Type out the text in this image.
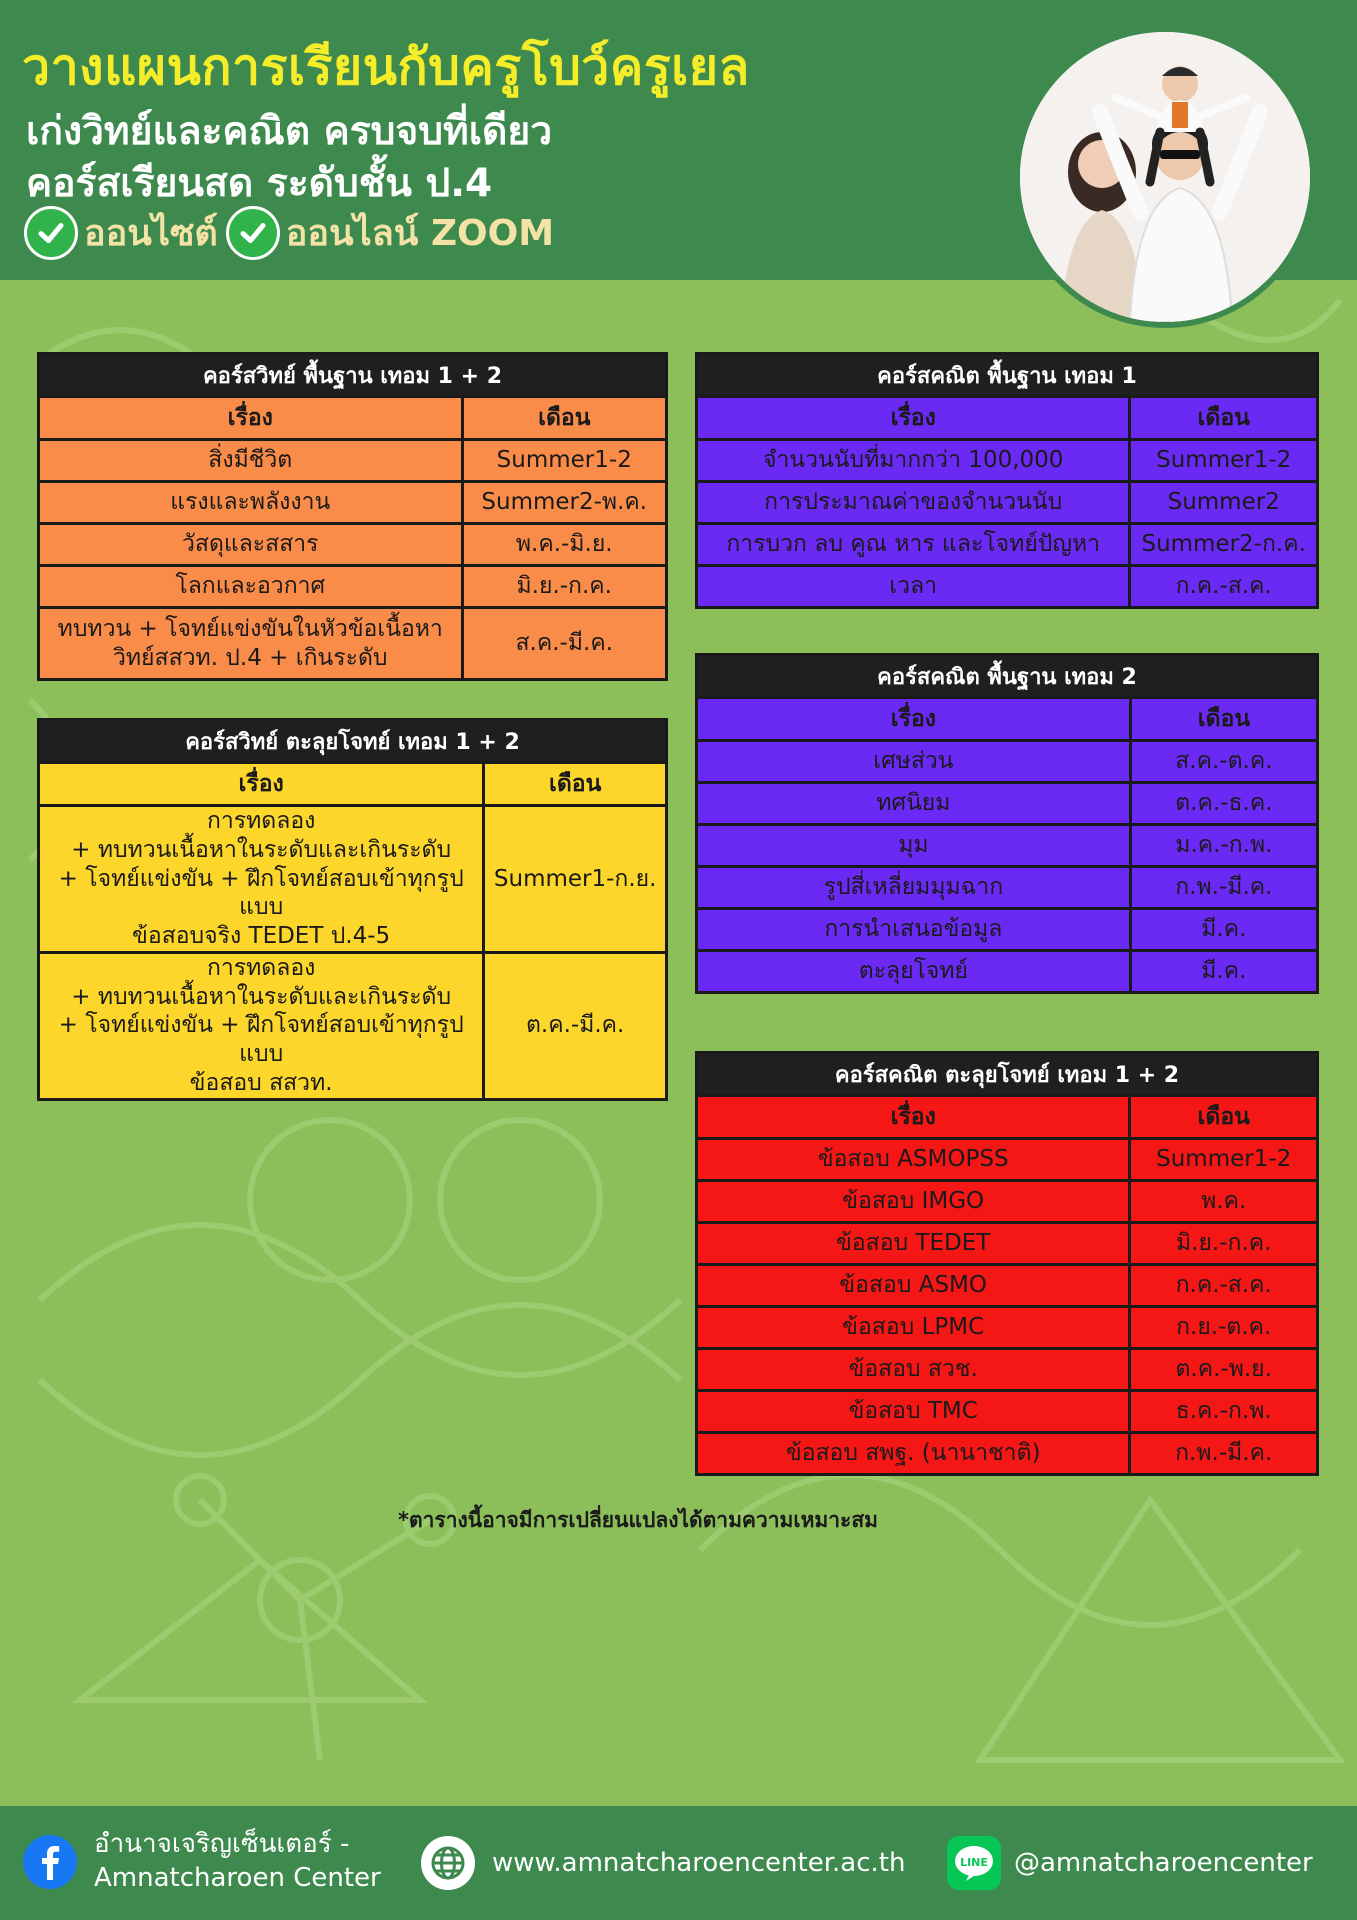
วางแผนการเรียนกับครูโบว์ครูเยล
เก่งวิทย์และคณิต ครบจบที่เดียว
คอร์สเรียนสด ระดับชั้น ป.4
ออนไซต์ ออนไลน์ ZOOM
คอร์สวิทย์ พื้นฐาน เทอม 1 + 2	
เรื่อง	เดือน
สิ่งมีชีวิต	Summer1-2
แรงและพลังงาน	Summer2-พ.ค.
วัสดุและสสาร	พ.ค.-มิ.ย.
โลกและอวกาศ	มิ.ย.-ก.ค.

ทบทวน + โจทย์แข่งขันในหัวข้อเนื้อหา
วิทย์สสวท. ป.4 + เกินระดับ	ส.ค.-มี.ค.
คอร์สวิทย์ ตะลุยโจทย์ เทอม 1 + 2	
เรื่อง	เดือน

การทดลอง
+ ทบทวนเนื้อหาในระดับและเกินระดับ
+ โจทย์แข่งขัน + ฝึกโจทย์สอบเข้าทุกรูปแบบ
ข้อสอบจริง TEDET ป.4-5	Summer1-ก.ย.

การทดลอง
+ ทบทวนเนื้อหาในระดับและเกินระดับ
+ โจทย์แข่งขัน + ฝึกโจทย์สอบเข้าทุกรูปแบบ
ข้อสอบ สสวท.	ต.ค.-มี.ค.
คอร์สคณิต พื้นฐาน เทอม 1	
เรื่อง	เดือน
จำนวนนับที่มากกว่า 100,000	Summer1-2
การประมาณค่าของจำนวนนับ	Summer2
การบวก ลบ คูณ หาร และโจทย์ปัญหา	Summer2-ก.ค.
เวลา	ก.ค.-ส.ค.
คอร์สคณิต พื้นฐาน เทอม 2	
เรื่อง	เดือน
เศษส่วน	ส.ค.-ต.ค.
ทศนิยม	ต.ค.-ธ.ค.
มุม	ม.ค.-ก.พ.
รูปสี่เหลี่ยมมุมฉาก	ก.พ.-มี.ค.
การนำเสนอข้อมูล	มี.ค.
ตะลุยโจทย์	มี.ค.
คอร์สคณิต ตะลุยโจทย์ เทอม 1 + 2	
เรื่อง	เดือน
ข้อสอบ ASMOPSS	Summer1-2
ข้อสอบ IMGO	พ.ค.
ข้อสอบ TEDET	มิ.ย.-ก.ค.
ข้อสอบ ASMO	ก.ค.-ส.ค.
ข้อสอบ LPMC	ก.ย.-ต.ค.
ข้อสอบ สวช.	ต.ค.-พ.ย.
ข้อสอบ TMC	ธ.ค.-ก.พ.
ข้อสอบ สพฐ. (นานาชาติ)	ก.พ.-มี.ค.
*ตารางนี้อาจมีการเปลี่ยนแปลงได้ตามความเหมาะสม
อำนาจเจริญเซ็นเตอร์ -
Amnatcharoen Center	www.amnatcharoencenter.ac.th	@amnatcharoencenter
LINE
